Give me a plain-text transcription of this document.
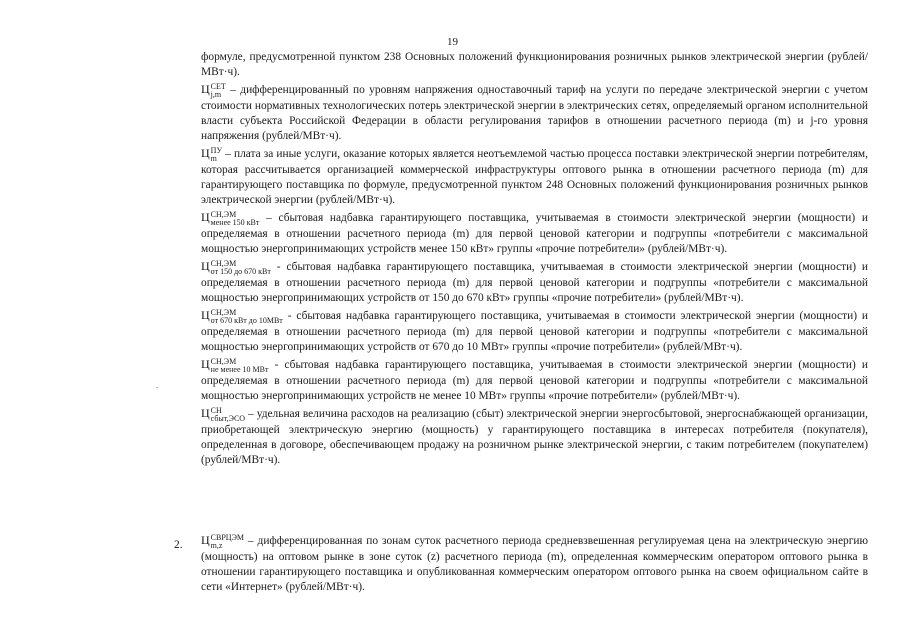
19
.

формуле, предусмотренной пунктом 238 Основных положений функционирования розничных рынков электрической энергии (рублей/МВт·ч).

Ц СЕТ
j,m – дифференцированный по уровням напряжения одноставочный тариф на услуги по передаче электрической энергии с учетом стоимости нормативных технологических потерь электрической энергии в электрических сетях, определяемый органом исполнительной власти субъекта Российской Федерации в области регулирования тарифов в отношении расчетного периода (m) и j-го уровня напряжения (рублей/МВт·ч).

Ц ПУ
m – плата за иные услуги, оказание которых является неотъемлемой частью процесса поставки электрической энергии потребителям, которая рассчитывается организацией коммерческой инфраструктуры оптового рынка в отношении расчетного периода (m) для гарантирующего поставщика по формуле, предусмотренной пунктом 248 Основных положений функционирования розничных рынков электрической энергии (рублей/МВт·ч).

Ц СН,ЭМ
менее 150 кВт – сбытовая надбавка гарантирующего поставщика, учитываемая в стоимости электрической энергии (мощности) и определяемая в отношении расчетного периода (m) для первой ценовой категории и подгруппы «потребители с максимальной мощностью энергопринимающих устройств менее 150 кВт» группы «прочие потребители» (рублей/МВт·ч).

Ц СН,ЭМ
от 150 до 670 кВт - сбытовая надбавка гарантирующего поставщика, учитываемая в стоимости электрической энергии (мощности) и определяемая в отношении расчетного периода (m) для первой ценовой категории и подгруппы «потребители с максимальной мощностью энергопринимающих устройств от 150 до 670 кВт» группы «прочие потребители» (рублей/МВт·ч).

Ц СН,ЭМ
от 670 кВт до 10МВт - сбытовая надбавка гарантирующего поставщика, учитываемая в стоимости электрической энергии (мощности) и определяемая в отношении расчетного периода (m) для первой ценовой категории и подгруппы «потребители с максимальной мощностью энергопринимающих устройств от 670 до 10 МВт» группы «прочие потребители» (рублей/МВт·ч).

Ц СН,ЭМ
не менее 10 МВт - сбытовая надбавка гарантирующего поставщика, учитываемая в стоимости электрической энергии (мощности) и определяемая в отношении расчетного периода (m) для первой ценовой категории и подгруппы «потребители с максимальной мощностью энергопринимающих устройств не менее 10 МВт» группы «прочие потребители» (рублей/МВт·ч).

Ц СН
сбыт,ЭСО – удельная величина расходов на реализацию (сбыт) электрической энергии энергосбытовой, энергоснабжающей организации, приобретающей электрическую энергию (мощность) у гарантирующего поставщика в интересах потребителя (покупателя), определенная в договоре, обеспечивающем продажу на розничном рынке электрической энергии, с таким потребителем (покупателем) (рублей/МВт·ч).

2. Ц СВРЦЭМ
m,z	– дифференцированная по зонам суток расчетного периода средневзвешенная регулируемая цена на электрическую энергию (мощность) на оптовом рынке в зоне суток (z) расчетного периода (m), определенная коммерческим оператором оптового рынка в отношении гарантирующего поставщика и опубликованная коммерческим оператором оптового рынка на своем официальном сайте в сети «Интернет» (рублей/МВт·ч).
